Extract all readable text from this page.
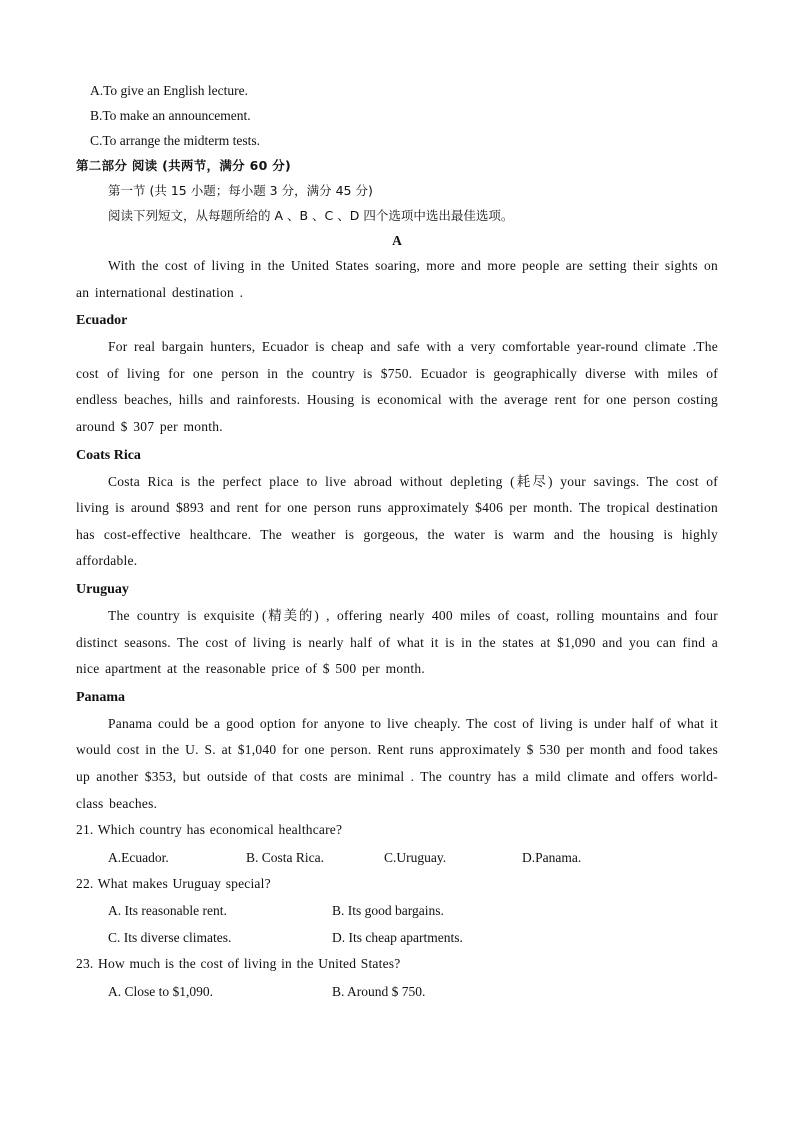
A.To give an English lecture.

B.To make an announcement.

C.To arrange the midterm tests.

第二部分 阅读 (共两节，满分 60 分)

第一节 (共 15 小题；每小题 3 分，满分 45 分)

阅读下列短文，从每题所给的 A 、B 、C 、D 四个选项中选出最佳选项。

A

With the cost of living in the United States soaring, more and more people are setting their sights on an international destination .

Ecuador

For real bargain hunters, Ecuador is cheap and safe with a very comfortable year-round climate .The cost of living for one person in the country is $750. Ecuador is geographically diverse with miles of endless beaches, hills and rainforests. Housing is economical with the average rent for one person costing around $ 307 per month.

Coats Rica

Costa Rica is the perfect place to live abroad without depleting (耗尽) your savings. The cost of living is around $893 and rent for one person runs approximately $406 per month. The tropical destination has cost-effective healthcare. The weather is gorgeous, the water is warm and the housing is highly affordable.

Uruguay

The country is exquisite (精美的) , offering nearly 400 miles of coast, rolling mountains and four distinct seasons. The cost of living is nearly half of what it is in the states at $1,090 and you can find a nice apartment at the reasonable price of $ 500 per month.

Panama

Panama could be a good option for anyone to live cheaply. The cost of living is under half of what it would cost in the U. S. at $1,040 for one person. Rent runs approximately $ 530 per month and food takes up another $353, but outside of that costs are minimal . The country has a mild climate and offers world-class beaches.

21. Which country has economical healthcare?

A.Ecuador.	B. Costa Rica.	C.Uruguay.	D.Panama.

22. What makes Uruguay special?

A. Its reasonable rent.	B. Its good bargains.
C. Its diverse climates.	D. Its cheap apartments.

23. How much is the cost of living in the United States?

A. Close to $1,090.	B. Around $ 750.
